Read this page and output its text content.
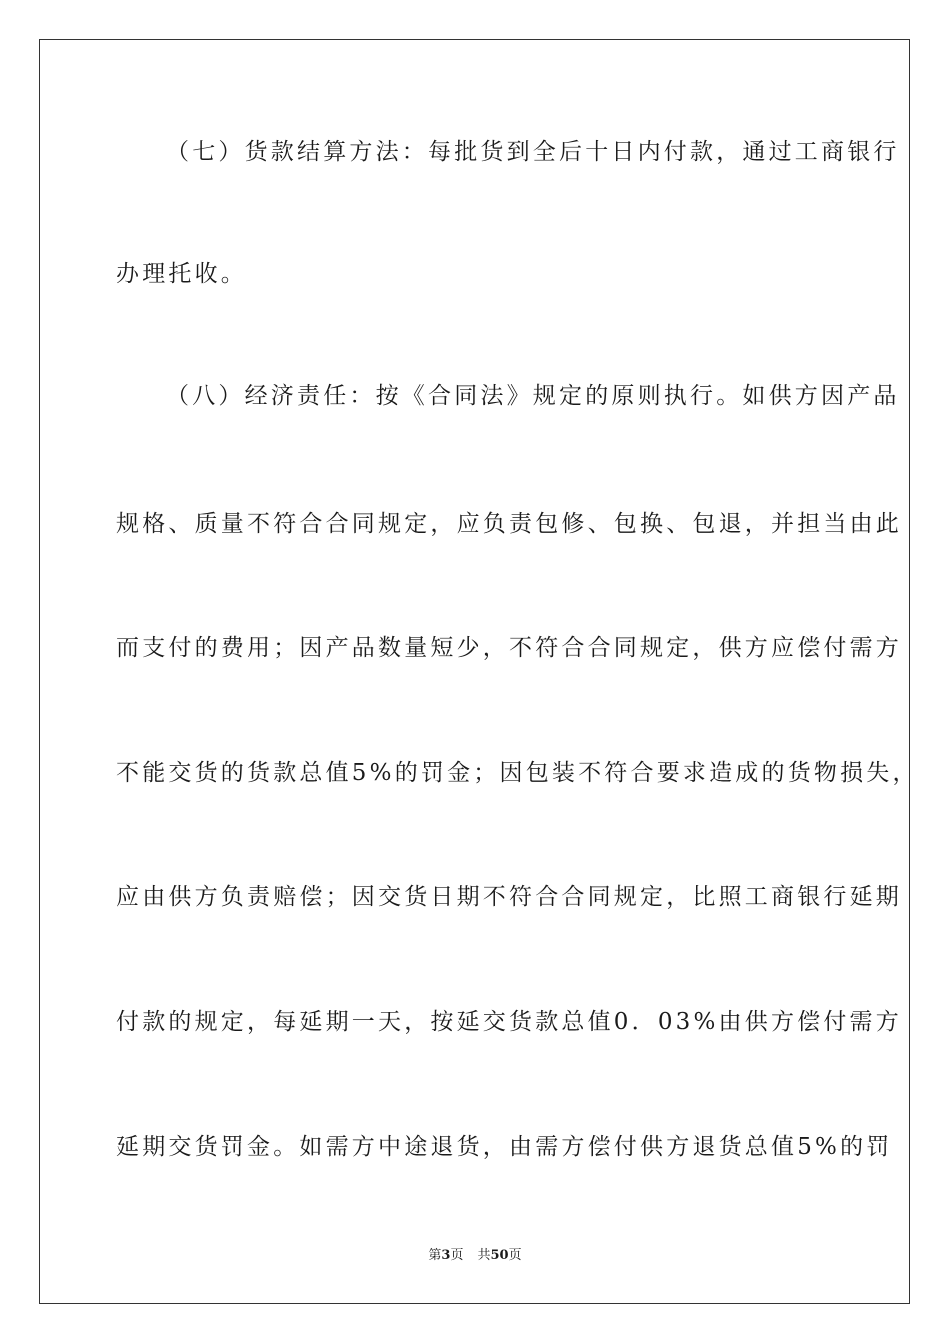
（七）货款结算方法：每批货到全后十日内付款，通过工商银行
办理托收。
（八）经济责任：按《合同法》规定的原则执行。如供方因产品
规格、质量不符合合同规定，应负责包修、包换、包退，并担当由此
而支付的费用；因产品数量短少，不符合合同规定，供方应偿付需方
不能交货的货款总值5%的罚金；因包装不符合要求造成的货物损失，
应由供方负责赔偿；因交货日期不符合合同规定，比照工商银行延期
付款的规定，每延期一天，按延交货款总值0．03%由供方偿付需方
延期交货罚金。如需方中途退货，由需方偿付供方退货总值5%的罚
第3页 共50页
